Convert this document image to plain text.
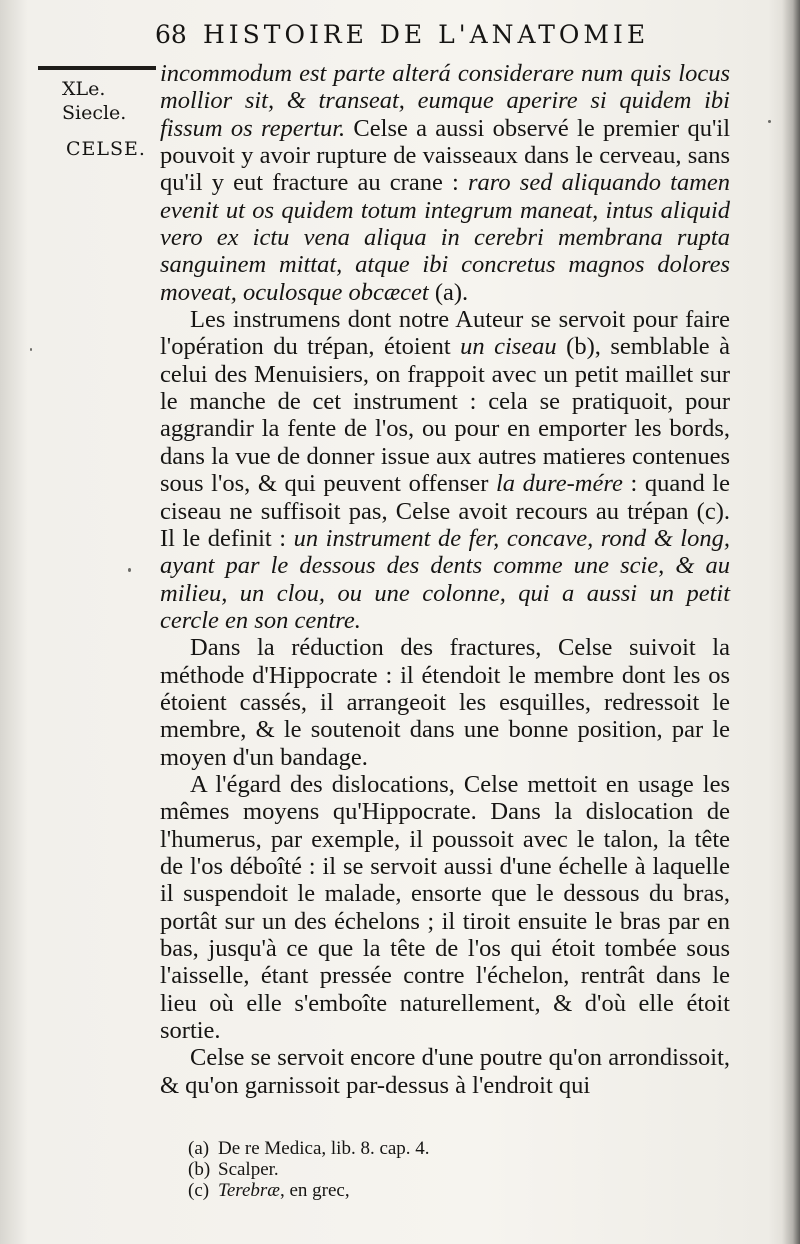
68 HISTOIRE DE L'ANATOMIE
XLe.
Siecle.
CELSE.

incommodum est parte alterá considerare num quis locus mollior sit, & transeat, eumque aperire si quidem ibi fissum os repertur. Celse a aussi observé le premier qu'il pouvoit y avoir rupture de vaisseaux dans le cerveau, sans qu'il y eut fracture au crane : raro sed aliquando tamen evenit ut os quidem totum integrum maneat, intus aliquid vero ex ictu vena aliqua in cerebri membrana rupta sanguinem mittat, atque ibi concretus magnos dolores moveat, oculosque obcæcet (a).

Les instrumens dont notre Auteur se servoit pour faire l'opération du trépan, étoient un ciseau (b), semblable à celui des Menuisiers, on frappoit avec un petit maillet sur le manche de cet instrument : cela se pratiquoit, pour aggrandir la fente de l'os, ou pour en emporter les bords, dans la vue de donner issue aux autres matieres contenues sous l'os, & qui peuvent offenser la dure-mére : quand le ciseau ne suffisoit pas, Celse avoit recours au trépan (c). Il le definit : un instrument de fer, concave, rond & long, ayant par le dessous des dents comme une scie, & au milieu, un clou, ou une colonne, qui a aussi un petit cercle en son centre.

Dans la réduction des fractures, Celse suivoit la méthode d'Hippocrate : il étendoit le membre dont les os étoient cassés, il arrangeoit les esquilles, redressoit le membre, & le soutenoit dans une bonne position, par le moyen d'un bandage.

A l'égard des dislocations, Celse mettoit en usage les mêmes moyens qu'Hippocrate. Dans la dislocation de l'humerus, par exemple, il poussoit avec le talon, la tête de l'os déboîté : il se servoit aussi d'une échelle à laquelle il suspendoit le malade, ensorte que le dessous du bras, portât sur un des échelons ; il tiroit ensuite le bras par en bas, jusqu'à ce que la tête de l'os qui étoit tombée sous l'aisselle, étant pressée contre l'échelon, rentrât dans le lieu où elle s'emboîte naturellement, & d'où elle étoit sortie.

Celse se servoit encore d'une poutre qu'on arrondissoit, & qu'on garnissoit par-dessus à l'endroit qui

(a) De re Medica, lib. 8. cap. 4.
(b) Scalper.
(c) Terebræ, en grec,
